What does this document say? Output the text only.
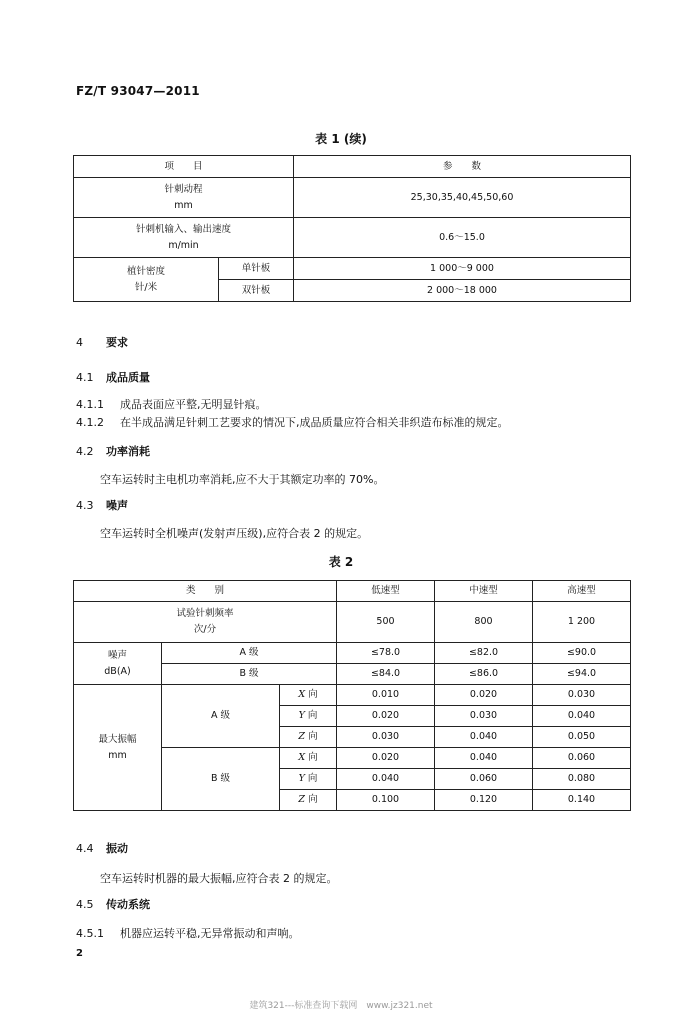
FZ/T 93047—2011
表 1 (续)
项　　目		参　　数

针刺动程
mm		25,30,35,40,45,50,60

针刺机输入、输出速度
m/min		0.6～15.0

植针密度
针/米	单针板	1 000～9 000
	双针板	2 000～18 000
4 要求
4.1 成品质量
4.1.1 成品表面应平整,无明显针痕。
4.1.2 在半成品满足针刺工艺要求的情况下,成品质量应符合相关非织造布标准的规定。
4.2 功率消耗
空车运转时主电机功率消耗,应不大于其额定功率的 70%。
4.3 噪声
空车运转时全机噪声(发射声压级),应符合表 2 的规定。
表 2
类　　别			低速型	中速型	高速型

试验针刺频率
次/分			500	800	1 200

噪声
dB(A)	A 级		≤78.0	≤82.0	≤90.0
	B 级		≤84.0	≤86.0	≤94.0

最大振幅
mm	A 级	X 向	0.010	0.020	0.030
		Y 向	0.020	0.030	0.040
		Z 向	0.030	0.040	0.050
	B 级	X 向	0.020	0.040	0.060
		Y 向	0.040	0.060	0.080
		Z 向	0.100	0.120	0.140
4.4 振动
空车运转时机器的最大振幅,应符合表 2 的规定。
4.5 传动系统
4.5.1 机器应运转平稳,无异常振动和声响。
2
建筑321---标准查询下载网　www.jz321.net
